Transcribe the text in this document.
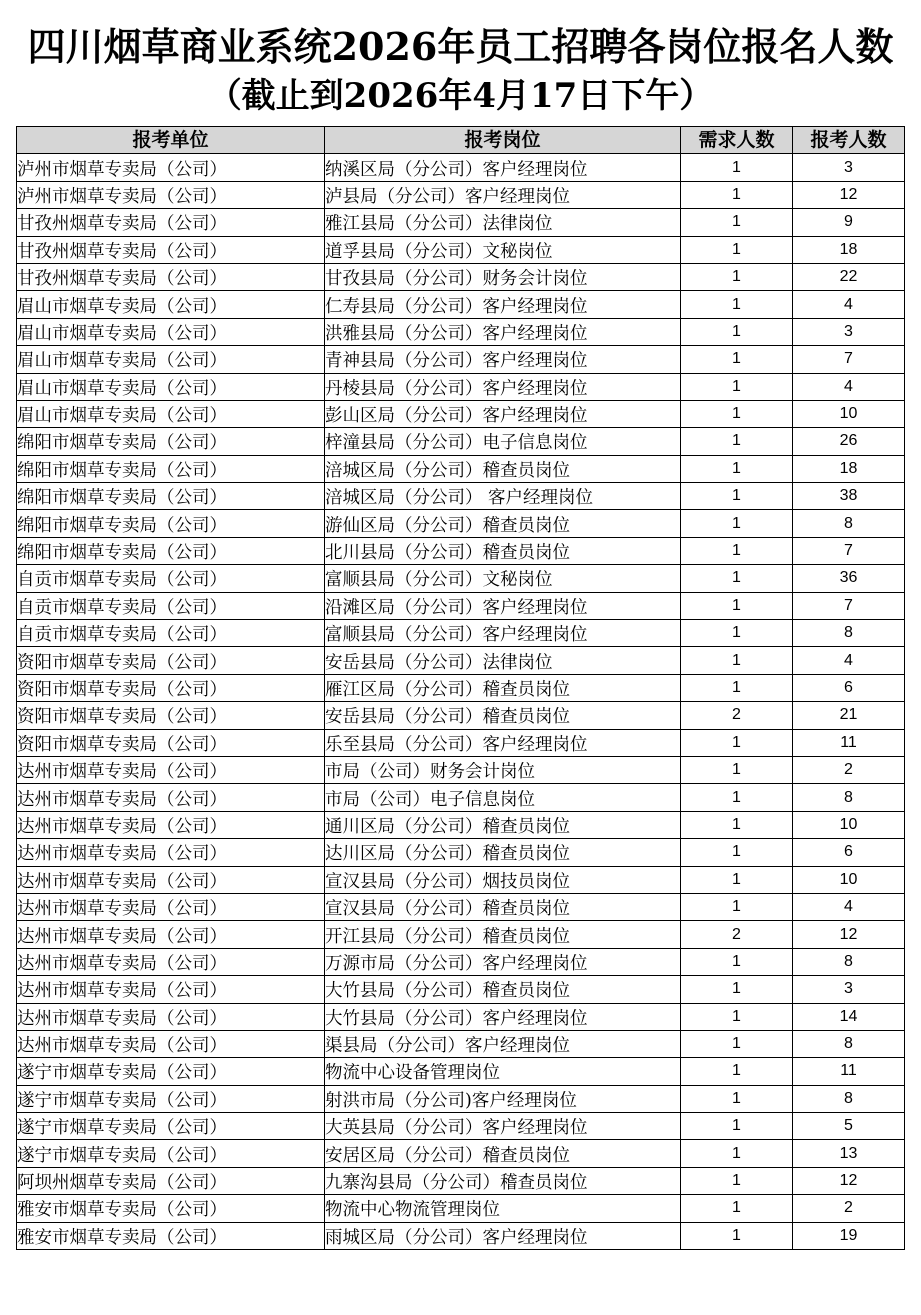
四川烟草商业系统2026年员工招聘各岗位报名人数
（截止到2026年4月17日下午）
报考单位	报考岗位	需求人数	报考人数
泸州市烟草专卖局（公司）	纳溪区局（分公司）客户经理岗位	1	3
泸州市烟草专卖局（公司）	泸县局（分公司）客户经理岗位	1	12
甘孜州烟草专卖局（公司）	雅江县局（分公司）法律岗位	1	9
甘孜州烟草专卖局（公司）	道孚县局（分公司）文秘岗位	1	18
甘孜州烟草专卖局（公司）	甘孜县局（分公司）财务会计岗位	1	22
眉山市烟草专卖局（公司）	仁寿县局（分公司）客户经理岗位	1	4
眉山市烟草专卖局（公司）	洪雅县局（分公司）客户经理岗位	1	3
眉山市烟草专卖局（公司）	青神县局（分公司）客户经理岗位	1	7
眉山市烟草专卖局（公司）	丹棱县局（分公司）客户经理岗位	1	4
眉山市烟草专卖局（公司）	彭山区局（分公司）客户经理岗位	1	10
绵阳市烟草专卖局（公司）	梓潼县局（分公司）电子信息岗位	1	26
绵阳市烟草专卖局（公司）	涪城区局（分公司）稽查员岗位	1	18
绵阳市烟草专卖局（公司）	涪城区局（分公司） 客户经理岗位	1	38
绵阳市烟草专卖局（公司）	游仙区局（分公司）稽查员岗位	1	8
绵阳市烟草专卖局（公司）	北川县局（分公司）稽查员岗位	1	7
自贡市烟草专卖局（公司）	富顺县局（分公司）文秘岗位	1	36
自贡市烟草专卖局（公司）	沿滩区局（分公司）客户经理岗位	1	7
自贡市烟草专卖局（公司）	富顺县局（分公司）客户经理岗位	1	8
资阳市烟草专卖局（公司）	安岳县局（分公司）法律岗位	1	4
资阳市烟草专卖局（公司）	雁江区局（分公司）稽查员岗位	1	6
资阳市烟草专卖局（公司）	安岳县局（分公司）稽查员岗位	2	21
资阳市烟草专卖局（公司）	乐至县局（分公司）客户经理岗位	1	11
达州市烟草专卖局（公司）	市局（公司）财务会计岗位	1	2
达州市烟草专卖局（公司）	市局（公司）电子信息岗位	1	8
达州市烟草专卖局（公司）	通川区局（分公司）稽查员岗位	1	10
达州市烟草专卖局（公司）	达川区局（分公司）稽查员岗位	1	6
达州市烟草专卖局（公司）	宣汉县局（分公司）烟技员岗位	1	10
达州市烟草专卖局（公司）	宣汉县局（分公司）稽查员岗位	1	4
达州市烟草专卖局（公司）	开江县局（分公司）稽查员岗位	2	12
达州市烟草专卖局（公司）	万源市局（分公司）客户经理岗位	1	8
达州市烟草专卖局（公司）	大竹县局（分公司）稽查员岗位	1	3
达州市烟草专卖局（公司）	大竹县局（分公司）客户经理岗位	1	14
达州市烟草专卖局（公司）	渠县局（分公司）客户经理岗位	1	8
遂宁市烟草专卖局（公司）	物流中心设备管理岗位	1	11
遂宁市烟草专卖局（公司）	射洪市局（分公司)客户经理岗位	1	8
遂宁市烟草专卖局（公司）	大英县局（分公司）客户经理岗位	1	5
遂宁市烟草专卖局（公司）	安居区局（分公司）稽查员岗位	1	13
阿坝州烟草专卖局（公司）	九寨沟县局（分公司）稽查员岗位	1	12
雅安市烟草专卖局（公司）	物流中心物流管理岗位	1	2
雅安市烟草专卖局（公司）	雨城区局（分公司）客户经理岗位	1	19
